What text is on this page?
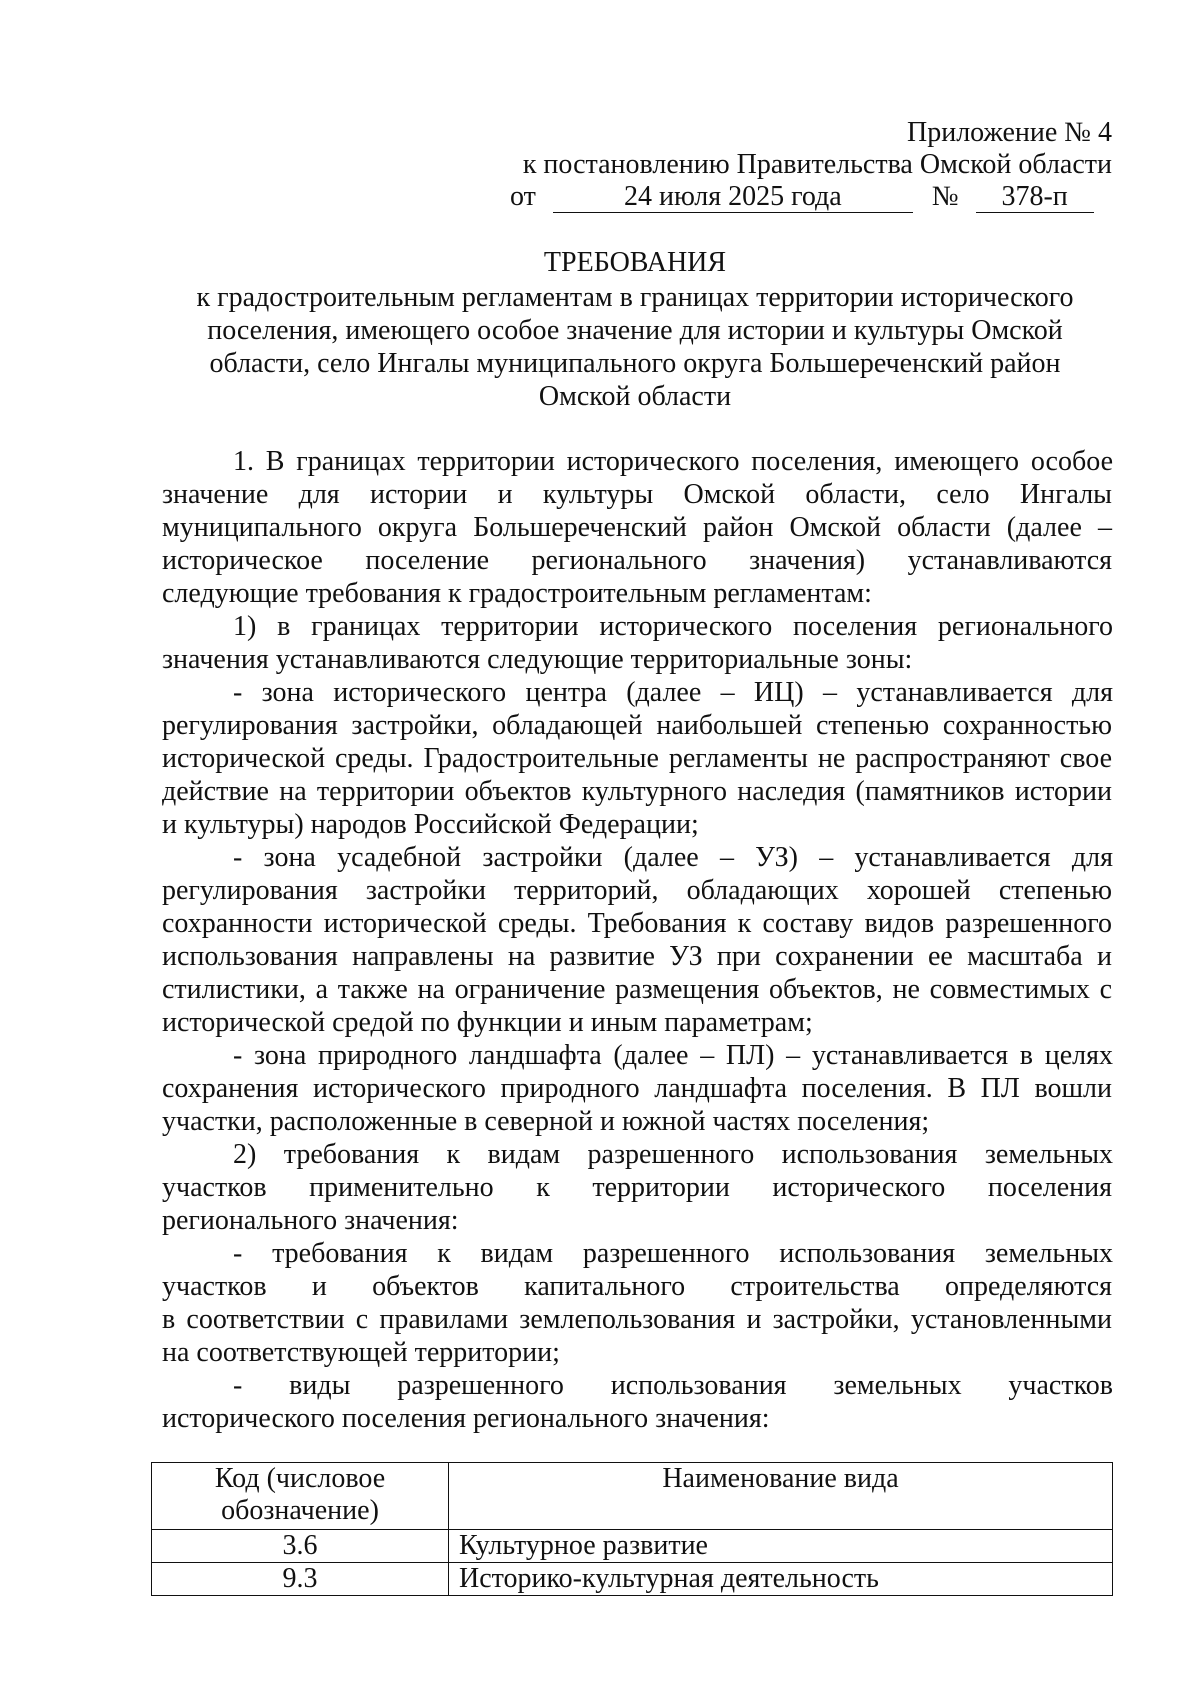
Приложение № 4
к постановлению Правительства Омской области
от	24 июля 2025 года	№ 378-п
ТРЕБОВАНИЯ
к градостроительным регламентам в границах территории исторического
поселения, имеющего особое значение для истории и культуры Омской
области, село Ингалы муниципального округа Большереченский район
Омской области
1. В границах территории исторического поселения, имеющего особое
значение для истории и культуры Омской области, село Ингалы
муниципального округа Большереченский район Омской области (далее –
историческое поселение регионального значения) устанавливаются
следующие требования к градостроительным регламентам:
1) в границах территории исторического поселения регионального
значения устанавливаются следующие территориальные зоны:
- зона исторического центра (далее – ИЦ) – устанавливается для
регулирования застройки, обладающей наибольшей степенью сохранностью
исторической среды. Градостроительные регламенты не распространяют свое
действие на территории объектов культурного наследия (памятников истории
и культуры) народов Российской Федерации;
- зона усадебной застройки (далее – УЗ) – устанавливается для
регулирования застройки территорий, обладающих хорошей степенью
сохранности исторической среды. Требования к составу видов разрешенного
использования направлены на развитие УЗ при сохранении ее масштаба и
стилистики, а также на ограничение размещения объектов, не совместимых с
исторической средой по функции и иным параметрам;
- зона природного ландшафта (далее – ПЛ) – устанавливается в целях
сохранения исторического природного ландшафта поселения. В ПЛ вошли
участки, расположенные в северной и южной частях поселения;
2) требования к видам разрешенного использования земельных
участков применительно к территории исторического поселения
регионального значения:
- требования к видам разрешенного использования земельных
участков и объектов капитального строительства определяются
в соответствии с правилами землепользования и застройки, установленными
на соответствующей территории;
- виды разрешенного использования земельных участков
исторического поселения регионального значения:
Код (числовое обозначение)	Наименование вида
3.6	Культурное развитие
9.3	Историко-культурная деятельность
